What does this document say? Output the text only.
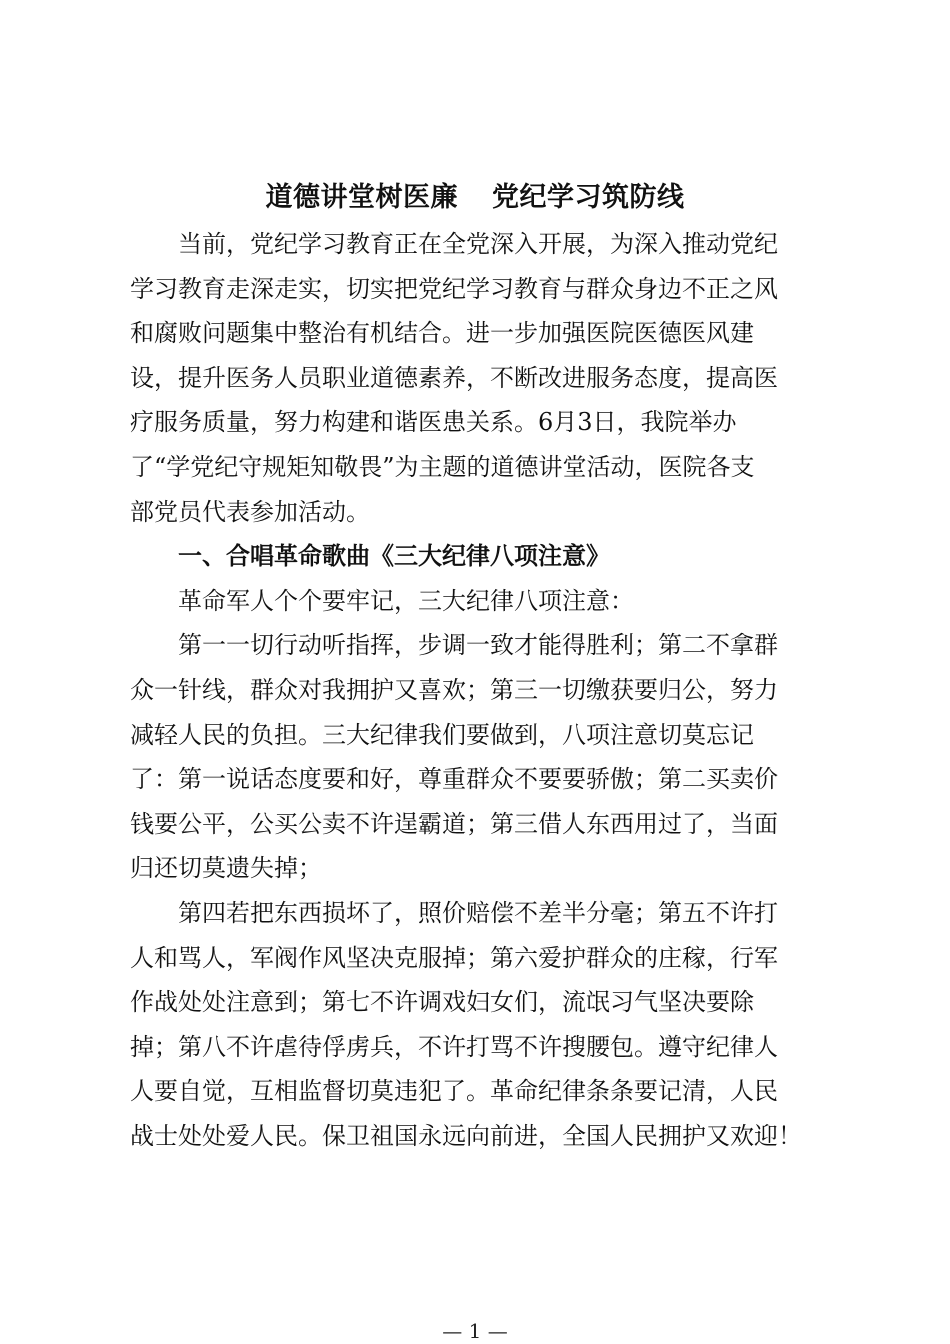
道德讲堂树医廉 党纪学习筑防线

当前，党纪学习教育正在全党深入开展，为深入推动党纪
学习教育走深走实，切实把党纪学习教育与群众身边不正之风
和腐败问题集中整治有机结合。进一步加强医院医德医风建
设，提升医务人员职业道德素养，不断改进服务态度，提高医
疗服务质量，努力构建和谐医患关系。6月3日，我院举办
了“学党纪守规矩知敬畏”为主题的道德讲堂活动，医院各支
部党员代表参加活动。

一、合唱革命歌曲《三大纪律八项注意》

革命军人个个要牢记，三大纪律八项注意：

第一一切行动听指挥，步调一致才能得胜利；第二不拿群
众一针线，群众对我拥护又喜欢；第三一切缴获要归公，努力
减轻人民的负担。三大纪律我们要做到，八项注意切莫忘记
了：第一说话态度要和好，尊重群众不要要骄傲；第二买卖价
钱要公平，公买公卖不许逞霸道；第三借人东西用过了，当面
归还切莫遗失掉；

第四若把东西损坏了，照价赔偿不差半分毫；第五不许打
人和骂人，军阀作风坚决克服掉；第六爱护群众的庄稼，行军
作战处处注意到；第七不许调戏妇女们，流氓习气坚决要除
掉；第八不许虐待俘虏兵，不许打骂不许搜腰包。遵守纪律人
人要自觉，互相监督切莫违犯了。革命纪律条条要记清，人民
战士处处爱人民。保卫祖国永远向前进，全国人民拥护又欢迎！

— 1 —
